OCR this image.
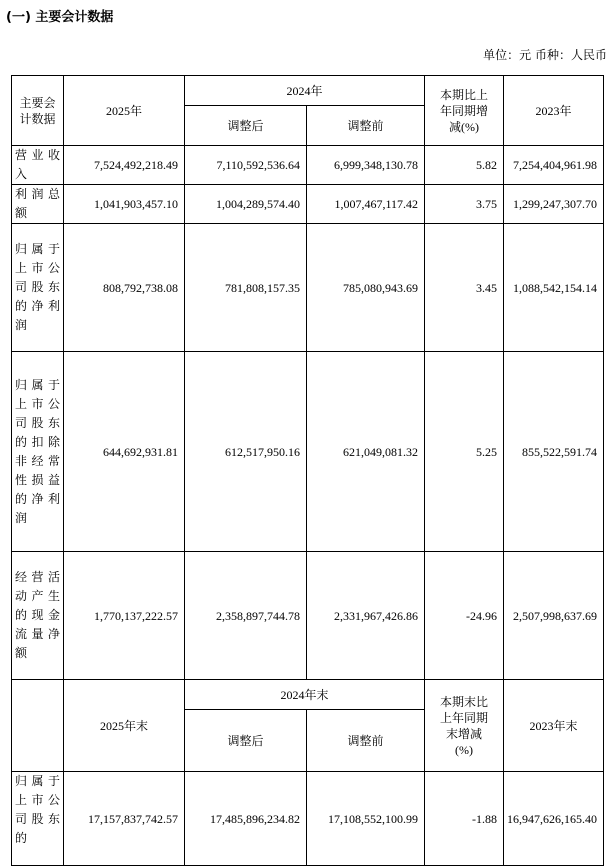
(一) 主要会计数据
单位：元 币种：人民币
主要会计数据	2025年	2024年		本期比上年同期增减(%)	2023年
		调整后	调整前		
营业收入	7,524,492,218.49	7,110,592,536.64	6,999,348,130.78	5.82	7,254,404,961.98
利润总额	1,041,903,457.10	1,004,289,574.40	1,007,467,117.42	3.75	1,299,247,307.70
归属于上市公司股东的净利润	808,792,738.08	781,808,157.35	785,080,943.69	3.45	1,088,542,154.14
归属于上市公司股东的扣除非经常性损益的净利润	644,692,931.81	612,517,950.16	621,049,081.32	5.25	855,522,591.74
经营活动产生的现金流量净额	1,770,137,222.57	2,358,897,744.78	2,331,967,426.86	-24.96	2,507,998,637.69
	2025年末	2024年末		本期末比上年同期末增减(%)	2023年末
		调整后	调整前		
归属于上市公司股东的	17,157,837,742.57	17,485,896,234.82	17,108,552,100.99	-1.88	16,947,626,165.40
